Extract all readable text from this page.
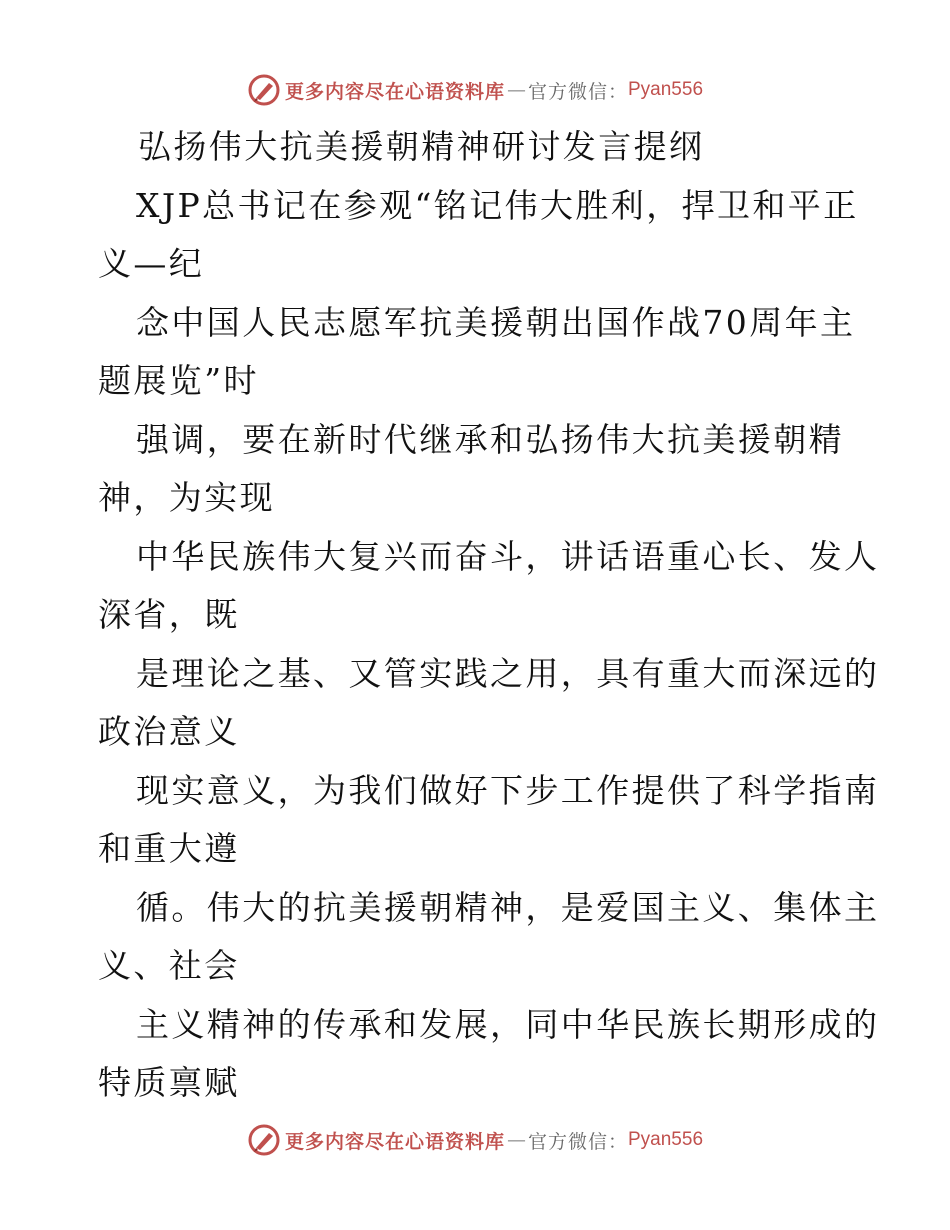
更多内容尽在心语资料库 — 官方微信： Pyan556
弘扬伟大抗美援朝精神研讨发言提纲
XJP总书记在参观“铭记伟大胜利，捍卫和平正
义—纪
念中国人民志愿军抗美援朝出国作战70周年主
题展览”时
强调，要在新时代继承和弘扬伟大抗美援朝精
神，为实现
中华民族伟大复兴而奋斗，讲话语重心长、发人
深省，既
是理论之基、又管实践之用，具有重大而深远的
政治意义
现实意义，为我们做好下步工作提供了科学指南
和重大遵
循。伟大的抗美援朝精神，是爱国主义、集体主
义、社会
主义精神的传承和发展，同中华民族长期形成的
特质禀赋
更多内容尽在心语资料库 — 官方微信： Pyan556
